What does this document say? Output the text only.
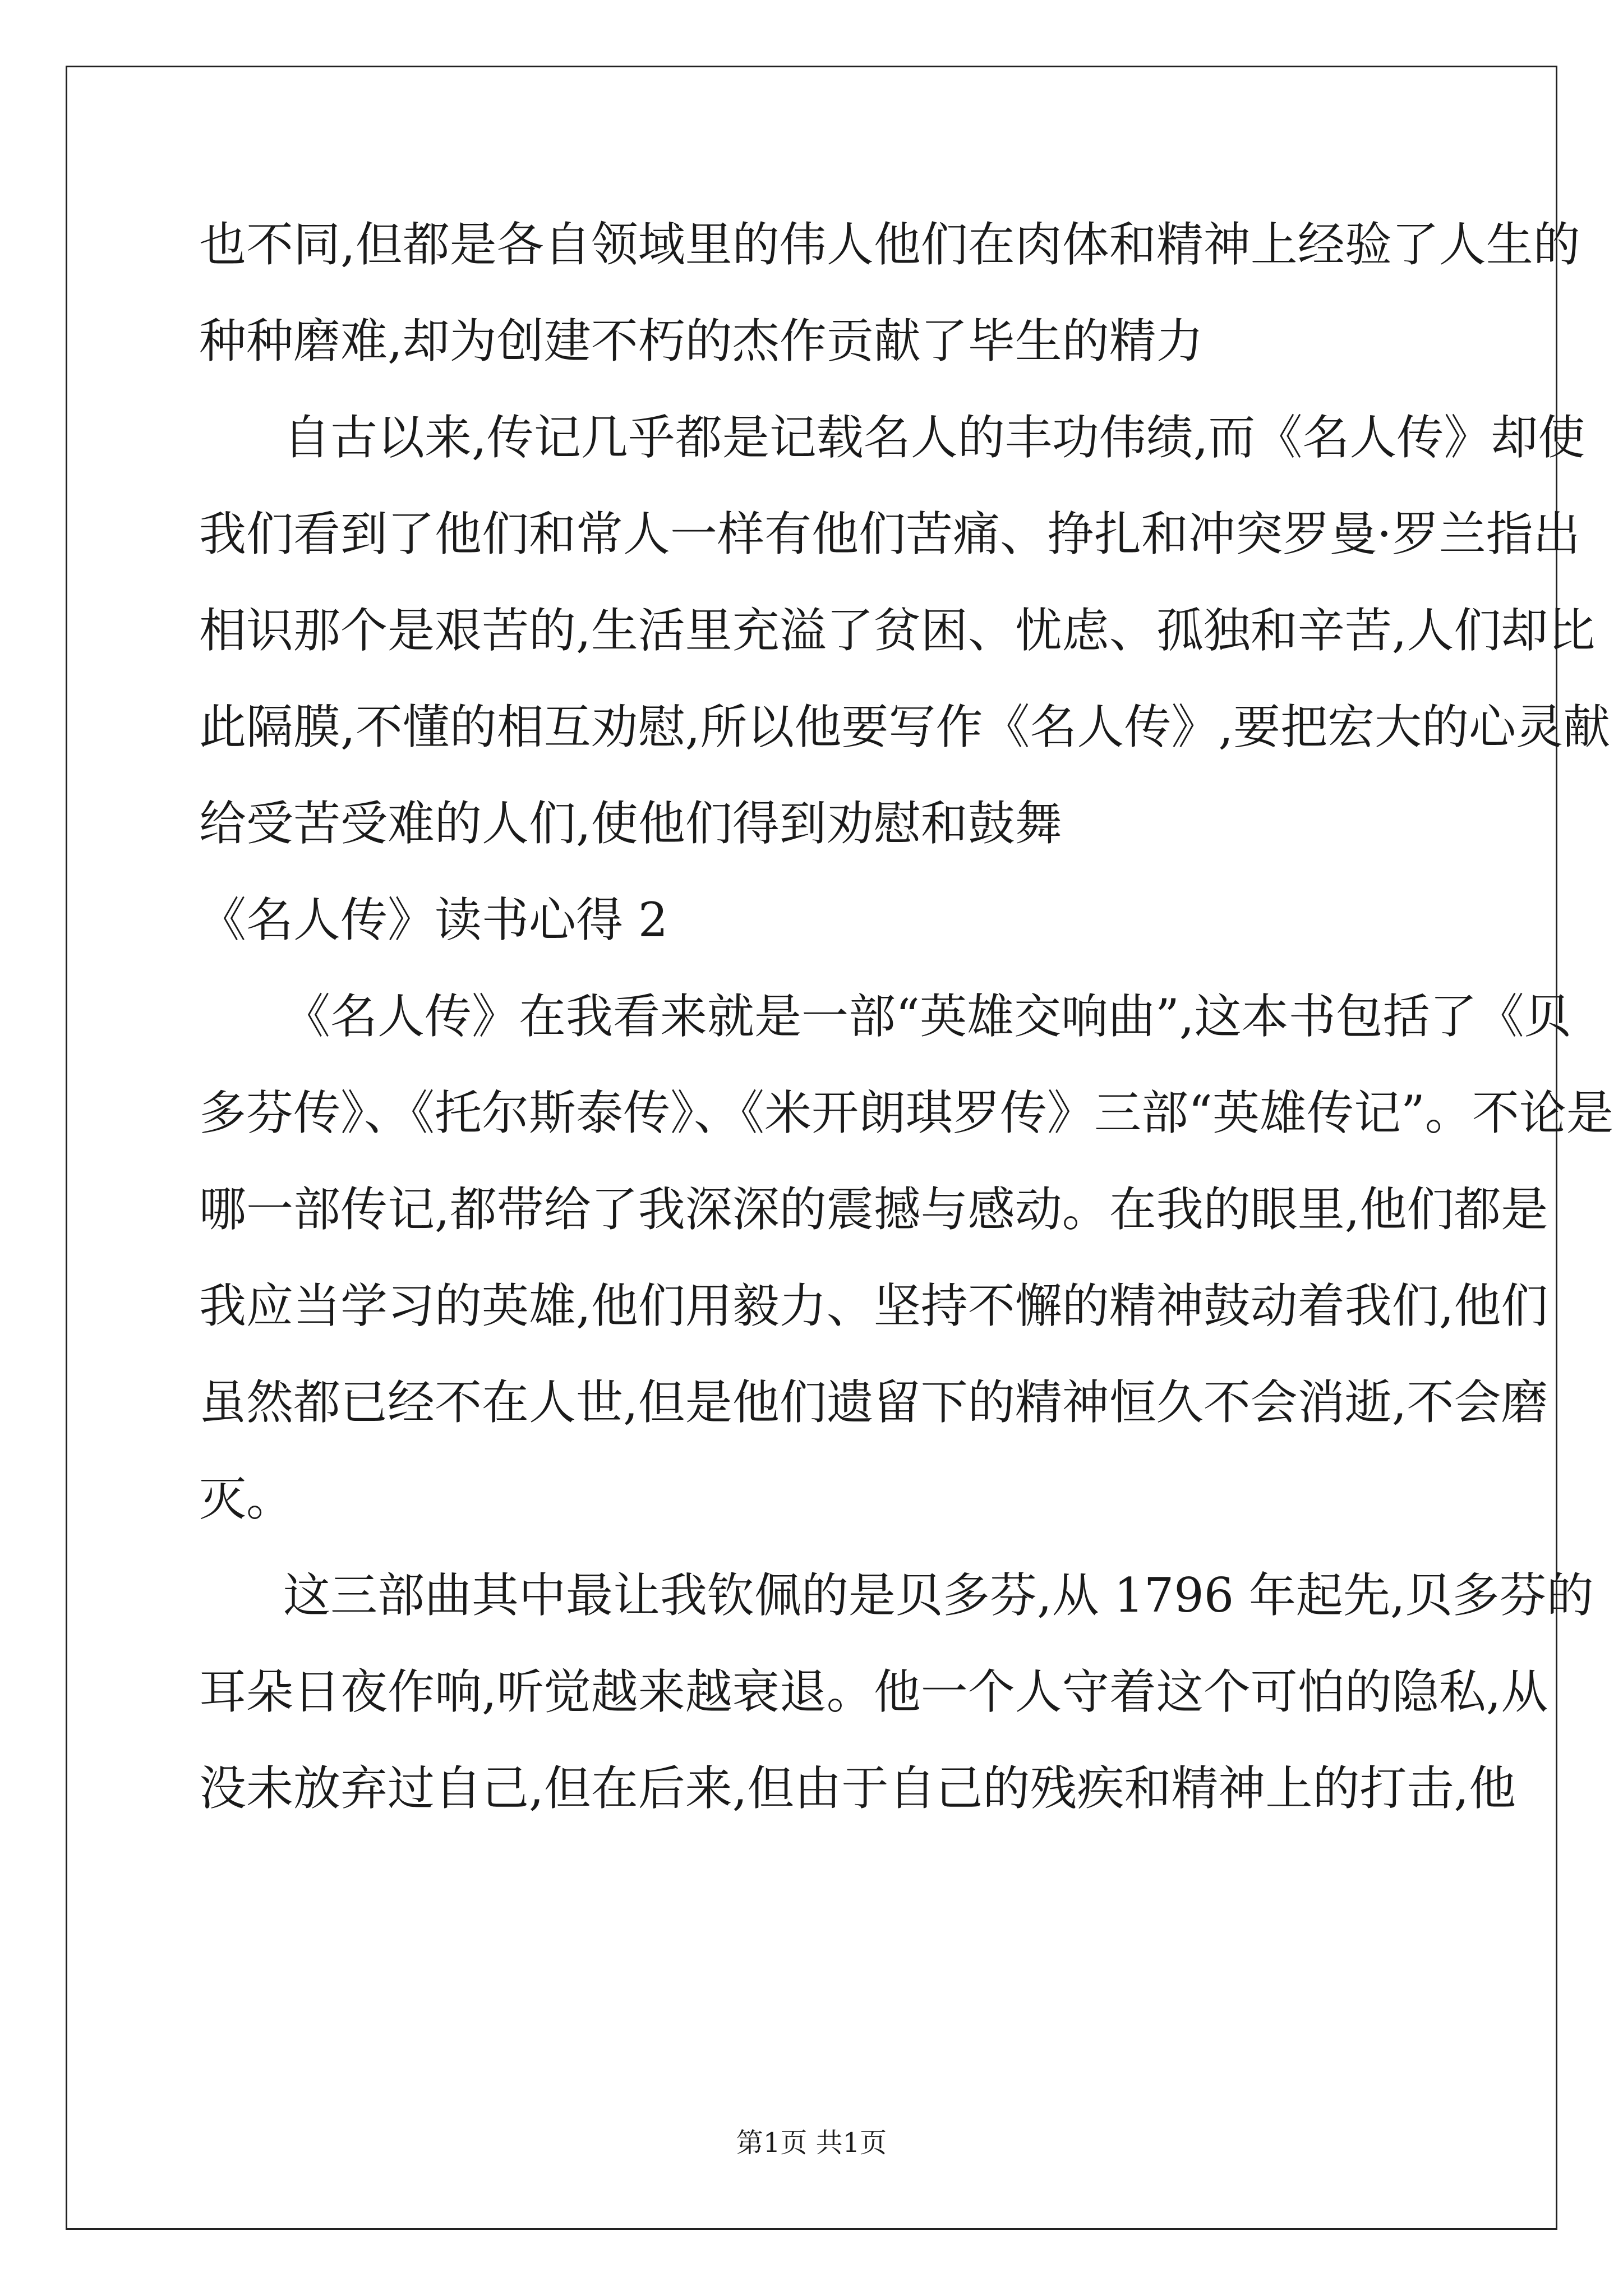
也不同,但都是各自领域里的伟人他们在肉体和精神上经验了人生的
种种磨难,却为创建不朽的杰作贡献了毕生的精力
自古以来,传记几乎都是记载名人的丰功伟绩,而《名人传》却使
我们看到了他们和常人一样有他们苦痛、挣扎和冲突罗曼·罗兰指出
相识那个是艰苦的,生活里充溢了贫困、忧虑、孤独和辛苦,人们却比
此隔膜,不懂的相互劝慰,所以他要写作《名人传》,要把宏大的心灵献
给受苦受难的人们,使他们得到劝慰和鼓舞
《名人传》读书心得 2
《名人传》在我看来就是一部“英雄交响曲”,这本书包括了《贝
多芬传》、《托尔斯泰传》、《米开朗琪罗传》三部“英雄传记”。不论是
哪一部传记,都带给了我深深的震撼与感动。在我的眼里,他们都是
我应当学习的英雄,他们用毅力、坚持不懈的精神鼓动着我们,他们
虽然都已经不在人世,但是他们遗留下的精神恒久不会消逝,不会磨
灭。
这三部曲其中最让我钦佩的是贝多芬,从 1796 年起先,贝多芬的
耳朵日夜作响,听觉越来越衰退。他一个人守着这个可怕的隐私,从
没未放弃过自己,但在后来,但由于自己的残疾和精神上的打击,他
第1页 共1页
